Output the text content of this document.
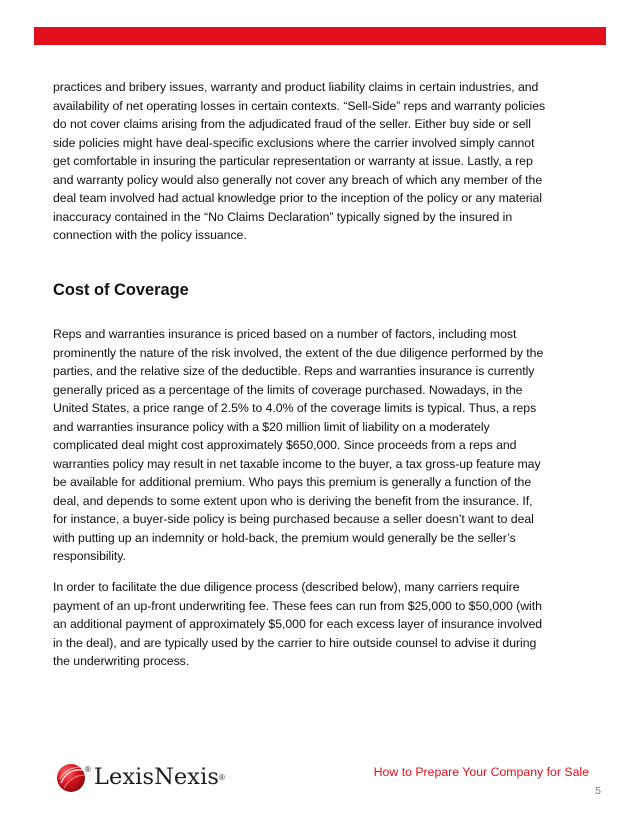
practices and bribery issues, warranty and product liability claims in certain industries, and
availability of net operating losses in certain contexts. “Sell-Side” reps and warranty policies
do not cover claims arising from the adjudicated fraud of the seller. Either buy side or sell
side policies might have deal-specific exclusions where the carrier involved simply cannot
get comfortable in insuring the particular representation or warranty at issue. Lastly, a rep
and warranty policy would also generally not cover any breach of which any member of the
deal team involved had actual knowledge prior to the inception of the policy or any material
inaccuracy contained in the “No Claims Declaration” typically signed by the insured in
connection with the policy issuance.

Cost of Coverage

Reps and warranties insurance is priced based on a number of factors, including most
prominently the nature of the risk involved, the extent of the due diligence performed by the
parties, and the relative size of the deductible. Reps and warranties insurance is currently
generally priced as a percentage of the limits of coverage purchased. Nowadays, in the
United States, a price range of 2.5% to 4.0% of the coverage limits is typical. Thus, a reps
and warranties insurance policy with a $20 million limit of liability on a moderately
complicated deal might cost approximately $650,000. Since proceeds from a reps and
warranties policy may result in net taxable income to the buyer, a tax gross-up feature may
be available for additional premium. Who pays this premium is generally a function of the
deal, and depends to some extent upon who is deriving the benefit from the insurance. If,
for instance, a buyer-side policy is being purchased because a seller doesn’t want to deal
with putting up an indemnity or hold-back, the premium would generally be the seller’s
responsibility.

In order to facilitate the due diligence process (described below), many carriers require
payment of an up-front underwriting fee. These fees can run from $25,000 to $50,000 (with
an additional payment of approximately $5,000 for each excess layer of insurance involved
in the deal), and are typically used by the carrier to hire outside counsel to advise it during
the underwriting process.

® LexisNexis ®	How to Prepare Your Company for Sale
5
